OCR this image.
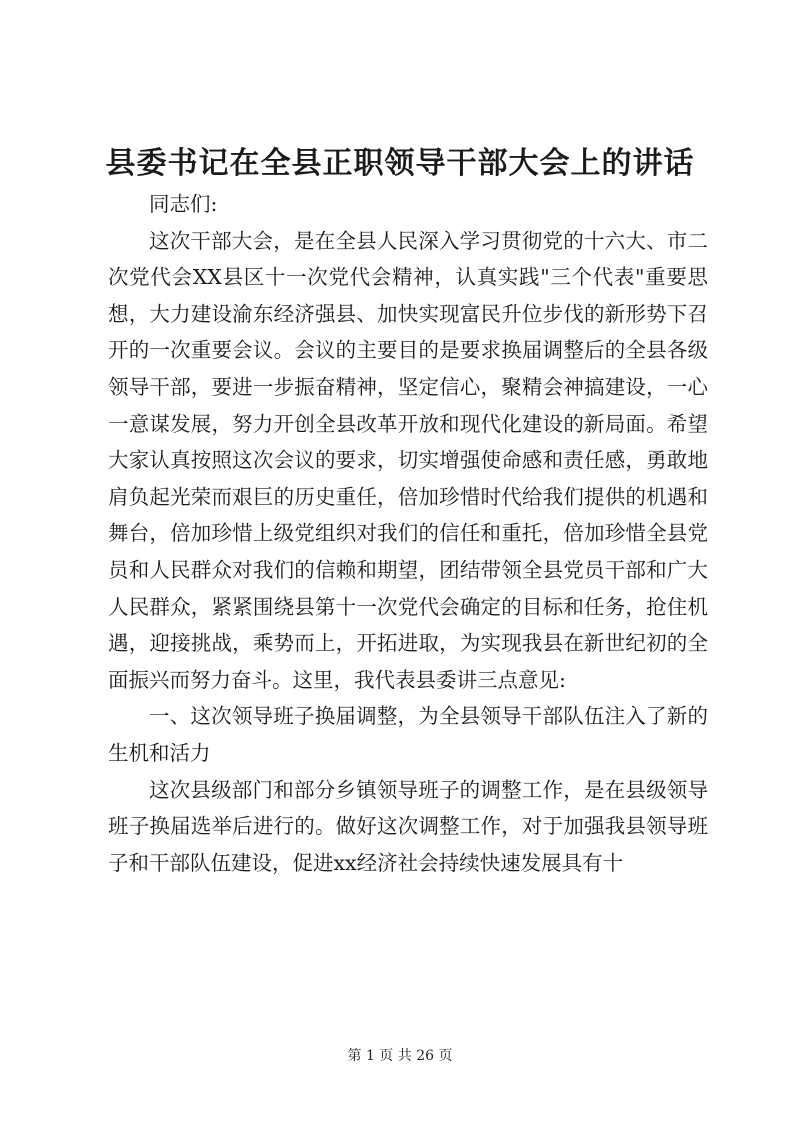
县委书记在全县正职领导干部大会上的讲话

同志们:

这次干部大会，是在全县人民深入学习贯彻党的十六大、市二次党代会XX县区十一次党代会精神，认真实践"三个代表"重要思想，大力建设渝东经济强县、加快实现富民升位步伐的新形势下召开的一次重要会议。会议的主要目的是要求换届调整后的全县各级领导干部，要进一步振奋精神，坚定信心，聚精会神搞建设，一心一意谋发展，努力开创全县改革开放和现代化建设的新局面。希望大家认真按照这次会议的要求，切实增强使命感和责任感，勇敢地肩负起光荣而艰巨的历史重任，倍加珍惜时代给我们提供的机遇和舞台，倍加珍惜上级党组织对我们的信任和重托，倍加珍惜全县党员和人民群众对我们的信赖和期望，团结带领全县党员干部和广大人民群众，紧紧围绕县第十一次党代会确定的目标和任务，抢住机遇，迎接挑战，乘势而上，开拓进取，为实现我县在新世纪初的全面振兴而努力奋斗。这里，我代表县委讲三点意见:

一、这次领导班子换届调整，为全县领导干部队伍注入了新的生机和活力

这次县级部门和部分乡镇领导班子的调整工作，是在县级领导班子换届选举后进行的。做好这次调整工作，对于加强我县领导班子和干部队伍建设，促进xx经济社会持续快速发展具有十

第 1 页 共 26 页
